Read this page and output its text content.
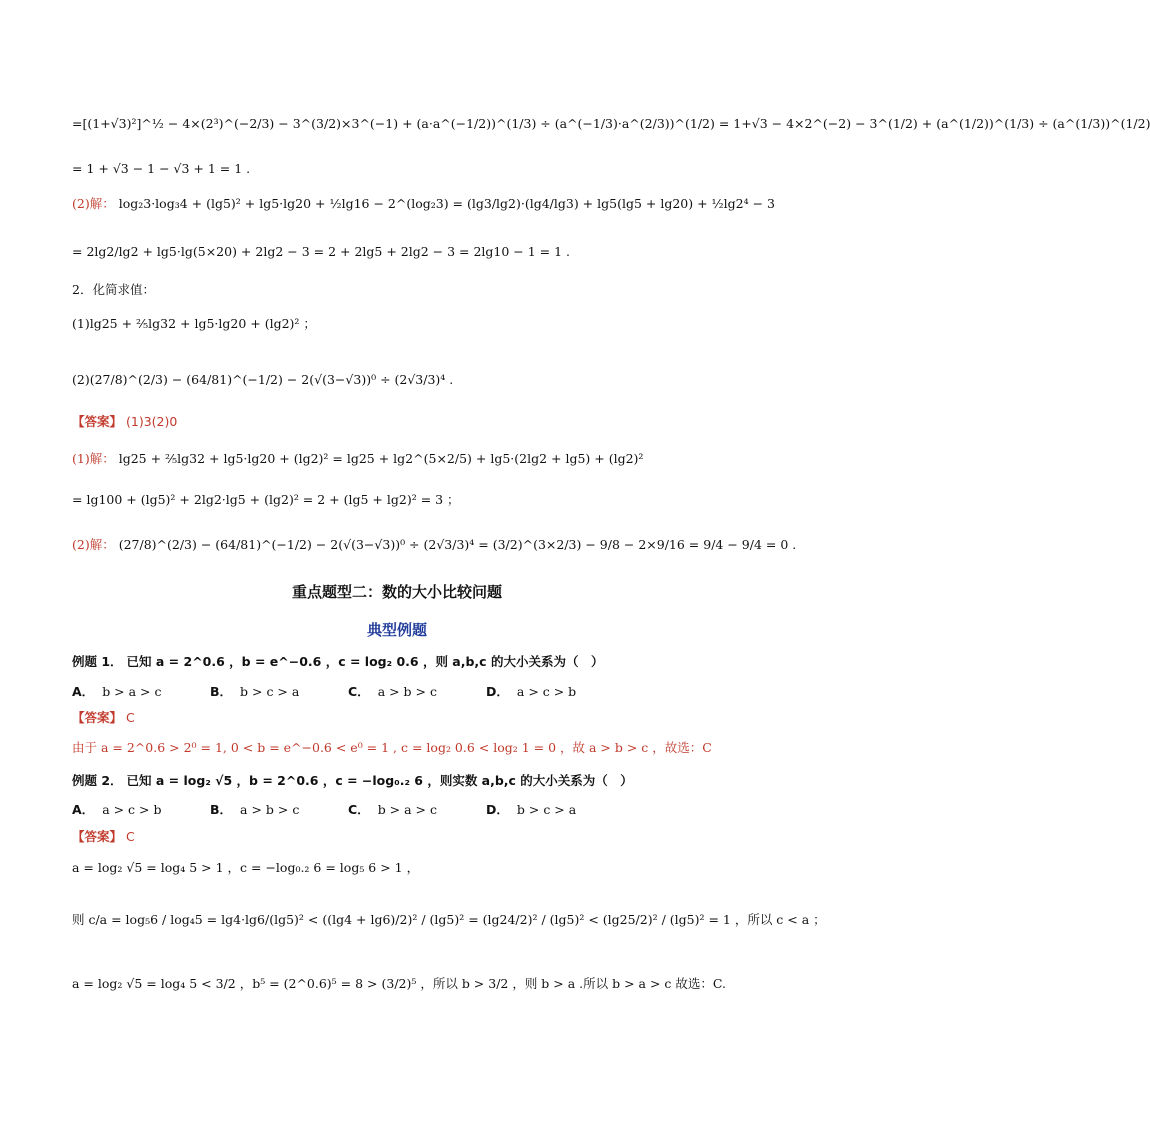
=[(1+√3)²]^½ − 4×(2³)^(−2/3) − 3^(3/2)×3^(−1) + (a·a^(−1/2))^(1/3) ÷ (a^(−1/3)·a^(2/3))^(1/2) = 1+√3 − 4×2^(−2) − 3^(1/2) + (a^(1/2))^(1/3) ÷ (a^(1/3))^(1/2)
= 1 + √3 − 1 − √3 + 1 = 1 .
(2)解： log₂3·log₃4 + (lg5)² + lg5·lg20 + ½lg16 − 2^(log₂3) = (lg3/lg2)·(lg4/lg3) + lg5(lg5 + lg20) + ½lg2⁴ − 3
= 2lg2/lg2 + lg5·lg(5×20) + 2lg2 − 3 = 2 + 2lg5 + 2lg2 − 3 = 2lg10 − 1 = 1 .
2．化简求值：
(1)lg25 + ⅖lg32 + lg5·lg20 + (lg2)² ；
(2)(27/8)^(2/3) − (64/81)^(−1/2) − 2(√(3−√3))⁰ ÷ (2√3/3)⁴ .
【答案】 (1)3(2)0
(1)解： lg25 + ⅖lg32 + lg5·lg20 + (lg2)² = lg25 + lg2^(5×2/5) + lg5·(2lg2 + lg5) + (lg2)²
= lg100 + (lg5)² + 2lg2·lg5 + (lg2)² = 2 + (lg5 + lg2)² = 3 ；
(2)解： (27/8)^(2/3) − (64/81)^(−1/2) − 2(√(3−√3))⁰ ÷ (2√3/3)⁴ = (3/2)^(3×2/3) − 9/8 − 2×9/16 = 9/4 − 9/4 = 0 .
重点题型二：数的大小比较问题
典型例题
例题 1． 已知 a = 2^0.6 ，b = e^−0.6 ，c = log₂ 0.6 ，则 a,b,c 的大小关系为（　）
A． b > a > c	B． b > c > a	C． a > b > c	D． a > c > b
【答案】 C
由于 a = 2^0.6 > 2⁰ = 1, 0 < b = e^−0.6 < e⁰ = 1 , c = log₂ 0.6 < log₂ 1 = 0 ，故 a > b > c ，故选：C
例题 2． 已知 a = log₂ √5 ，b = 2^0.6 ，c = −log₀.₂ 6 ，则实数 a,b,c 的大小关系为（　）
A． a > c > b	B． a > b > c	C． b > a > c	D． b > c > a
【答案】 C
a = log₂ √5 = log₄ 5 > 1 ，c = −log₀.₂ 6 = log₅ 6 > 1 ，
则 c/a = log₅6 / log₄5 = lg4·lg6/(lg5)² < ((lg4 + lg6)/2)² / (lg5)² = (lg24/2)² / (lg5)² < (lg25/2)² / (lg5)² = 1 ，所以 c < a ；
a = log₂ √5 = log₄ 5 < 3/2 ，b⁵ = (2^0.6)⁵ = 8 > (3/2)⁵ ，所以 b > 3/2 ，则 b > a .所以 b > a > c 故选：C.
